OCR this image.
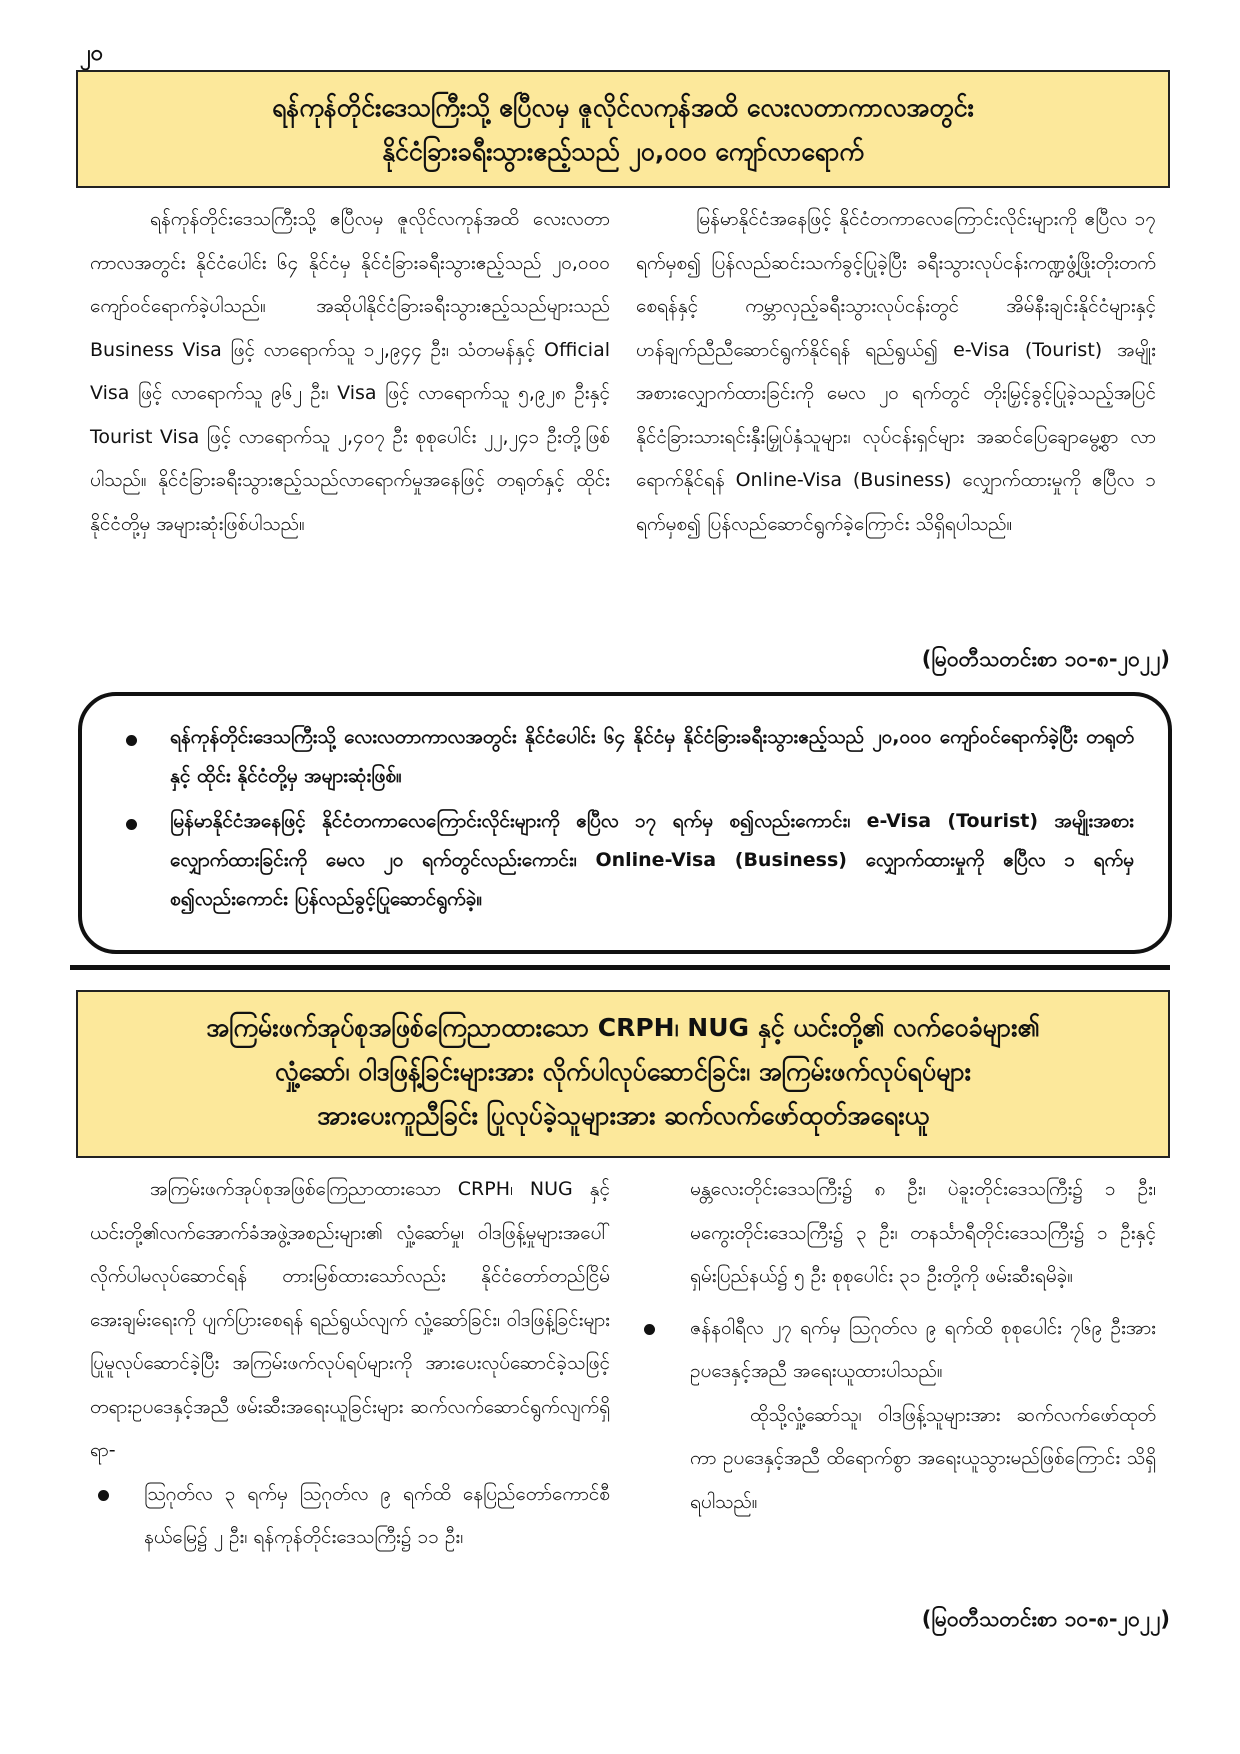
၂၀
ရန်ကုန်တိုင်းဒေသကြီးသို့ ဧပြီလမှ ဇူလိုင်လကုန်အထိ လေးလတာကာလအတွင်း
နိုင်ငံခြားခရီးသွားဧည့်သည် ၂၀,၀၀၀ ကျော်လာရောက်

ရန်ကုန်တိုင်းဒေသကြီးသို့ ဧပြီလမှ ဇူလိုင်လကုန်အထိ လေးလတာကာလအတွင်း နိုင်ငံပေါင်း ၆၄ နိုင်ငံမှ နိုင်ငံခြားခရီးသွားဧည့်သည် ၂၀,၀၀၀ ကျော်ဝင်ရောက်ခဲ့ပါသည်။ အဆိုပါနိုင်ငံခြားခရီးသွားဧည့်သည်များသည် Business Visa ဖြင့် လာရောက်သူ ၁၂,၉၄၄ ဦး၊ သံတမန်နှင့် Official Visa ဖြင့် လာရောက်သူ ၉၆၂ ဦး၊ Visa ဖြင့် လာရောက်သူ ၅,၉၂၈ ဦးနှင့် Tourist Visa ဖြင့် လာရောက်သူ ၂,၄၀၇ ဦး စုစုပေါင်း ၂၂,၂၄၁ ဦးတို့ဖြစ်ပါသည်။ နိုင်ငံခြားခရီးသွားဧည့်သည်လာရောက်မှုအနေဖြင့် တရုတ်နှင့် ထိုင်းနိုင်ငံတို့မှ အများဆုံးဖြစ်ပါသည်။

မြန်မာနိုင်ငံအနေဖြင့် နိုင်ငံတကာလေကြောင်းလိုင်းများကို ဧပြီလ ၁၇ ရက်မှစ၍ ပြန်လည်ဆင်းသက်ခွင့်ပြုခဲ့ပြီး ခရီးသွားလုပ်ငန်းကဏ္ဍဖွံ့ဖြိုးတိုးတက်စေရန်နှင့် ကမ္ဘာလှည့်ခရီးသွားလုပ်ငန်းတွင် အိမ်နီးချင်းနိုင်ငံများနှင့် ဟန်ချက်ညီညီဆောင်ရွက်နိုင်ရန် ရည်ရွယ်၍ e-Visa (Tourist) အမျိုးအစားလျှောက်ထားခြင်းကို မေလ ၂၀ ရက်တွင် တိုးမြှင့်ခွင့်ပြုခဲ့သည့်အပြင် နိုင်ငံခြားသားရင်းနှီးမြှုပ်နှံသူများ၊ လုပ်ငန်းရှင်များ အဆင်ပြေချောမွေ့စွာ လာရောက်နိုင်ရန် Online-Visa (Business) လျှောက်ထားမှုကို ဧပြီလ ၁ ရက်မှစ၍ ပြန်လည်ဆောင်ရွက်ခဲ့ကြောင်း သိရှိရပါသည်။

(မြဝတီသတင်းစာ ၁၀-၈-၂၀၂၂)
ရန်ကုန်တိုင်းဒေသကြီးသို့ လေးလတာကာလအတွင်း နိုင်ငံပေါင်း ၆၄ နိုင်ငံမှ နိုင်ငံခြားခရီးသွားဧည့်သည် ၂၀,၀၀၀ ကျော်ဝင်ရောက်ခဲ့ပြီး တရုတ်နှင့် ထိုင်း နိုင်ငံတို့မှ အများဆုံးဖြစ်။
မြန်မာနိုင်ငံအနေဖြင့် နိုင်ငံတကာလေကြောင်းလိုင်းများကို ဧပြီလ ၁၇ ရက်မှ စ၍လည်းကောင်း၊ e-Visa (Tourist) အမျိုးအစားလျှောက်ထားခြင်းကို မေလ ၂၀ ရက်တွင်လည်းကောင်း၊ Online-Visa (Business) လျှောက်ထားမှုကို ဧပြီလ ၁ ရက်မှစ၍လည်းကောင်း ပြန်လည်ခွင့်ပြုဆောင်ရွက်ခဲ့။
အကြမ်းဖက်အုပ်စုအဖြစ်ကြေညာထားသော CRPH၊ NUG နှင့် ယင်းတို့၏ လက်ဝေခံများ၏
လှုံ့ဆော်၊ ဝါဒဖြန့်ခြင်းများအား လိုက်ပါလုပ်ဆောင်ခြင်း၊ အကြမ်းဖက်လုပ်ရပ်များ
အားပေးကူညီခြင်း ပြုလုပ်ခဲ့သူများအား ဆက်လက်ဖော်ထုတ်အရေးယူ

အကြမ်းဖက်အုပ်စုအဖြစ်ကြေညာထားသော CRPH၊ NUG နှင့် ယင်းတို့၏လက်အောက်ခံအဖွဲ့အစည်းများ၏ လှုံ့ဆော်မှု၊ ဝါဒဖြန့်မှုများအပေါ် လိုက်ပါမလုပ်ဆောင်ရန် တားမြစ်ထားသော်လည်း နိုင်ငံတော်တည်ငြိမ်အေးချမ်းရေးကို ပျက်ပြားစေရန် ရည်ရွယ်လျက် လှုံ့ဆော်ခြင်း၊ ဝါဒဖြန့်ခြင်းများ ပြုမူလုပ်ဆောင်ခဲ့ပြီး အကြမ်းဖက်လုပ်ရပ်များကို အားပေးလုပ်ဆောင်ခဲ့သဖြင့် တရားဥပဒေနှင့်အညီ ဖမ်းဆီးအရေးယူခြင်းများ ဆက်လက်ဆောင်ရွက်လျက်ရှိရာ-

ဩဂုတ်လ ၃ ရက်မှ ဩဂုတ်လ ၉ ရက်ထိ နေပြည်တော်ကောင်စီနယ်မြေ၌ ၂ ဦး၊ ရန်ကုန်တိုင်းဒေသကြီး၌ ၁၁ ဦး၊
မန္တလေးတိုင်းဒေသကြီး၌ ၈ ဦး၊ ပဲခူးတိုင်းဒေသကြီး၌ ၁ ဦး၊ မကွေးတိုင်းဒေသကြီး၌ ၃ ဦး၊ တနင်္သာရီတိုင်းဒေသကြီး၌ ၁ ဦးနှင့် ရှမ်းပြည်နယ်၌ ၅ ဦး စုစုပေါင်း ၃၁ ဦးတို့ကို ဖမ်းဆီးရမိခဲ့။
ဇန်နဝါရီလ ၂၇ ရက်မှ ဩဂုတ်လ ၉ ရက်ထိ စုစုပေါင်း ၇၆၉ ဦးအား ဥပဒေနှင့်အညီ အရေးယူထားပါသည်။

ထိုသို့လှုံ့ဆော်သူ၊ ဝါဒဖြန့်သူများအား ဆက်လက်ဖော်ထုတ်ကာ ဥပဒေနှင့်အညီ ထိရောက်စွာ အရေးယူသွားမည်ဖြစ်ကြောင်း သိရှိရပါသည်။

(မြဝတီသတင်းစာ ၁၀-၈-၂၀၂၂)
